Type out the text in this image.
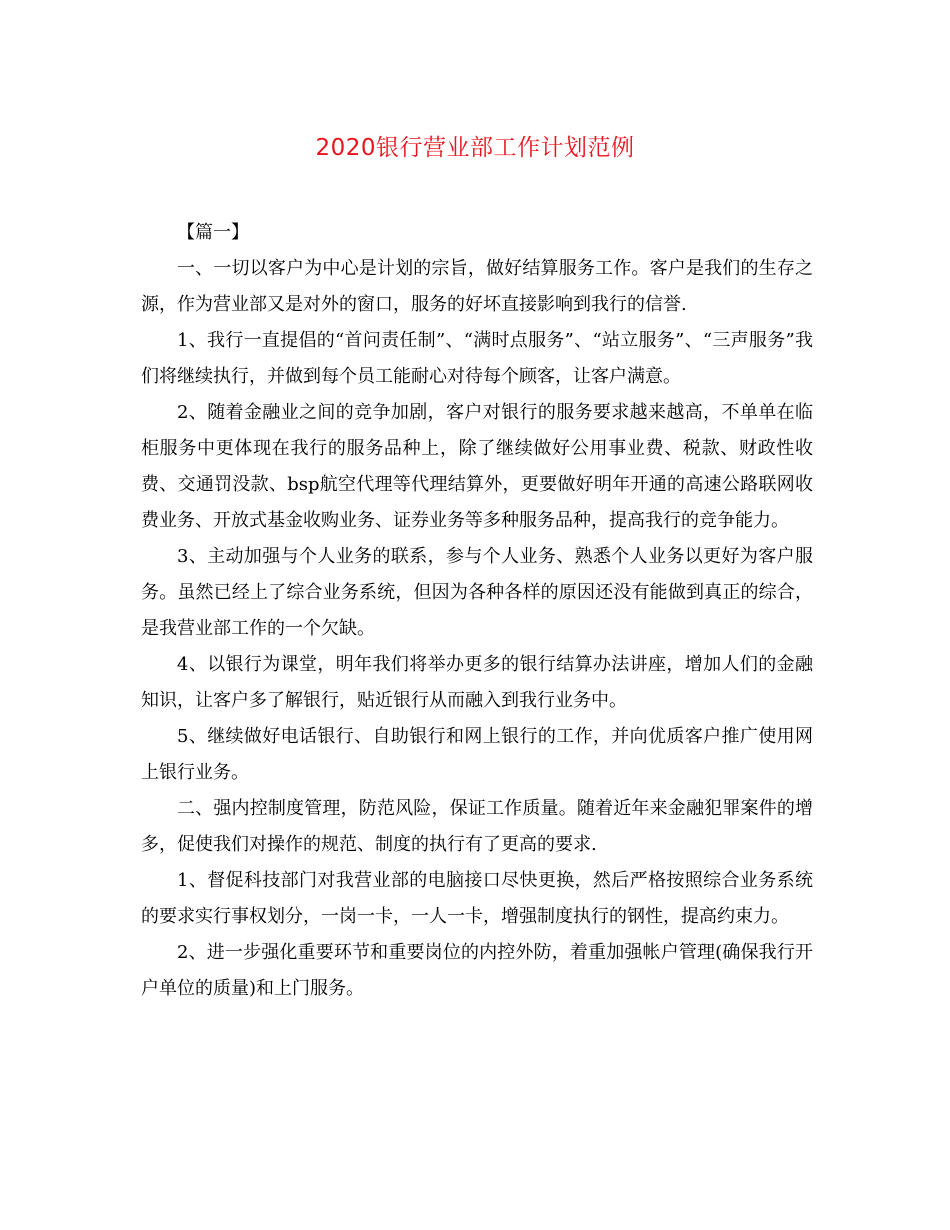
2020银行营业部工作计划范例

【篇一】

一、一切以客户为中心是计划的宗旨，做好结算服务工作。客户是我们的生存之源，作为营业部又是对外的窗口，服务的好坏直接影响到我行的信誉.

1、我行一直提倡的“首问责任制”、“满时点服务”、“站立服务”、“三声服务”我们将继续执行，并做到每个员工能耐心对待每个顾客，让客户满意。

2、随着金融业之间的竞争加剧，客户对银行的服务要求越来越高，不单单在临柜服务中更体现在我行的服务品种上，除了继续做好公用事业费、税款、财政性收费、交通罚没款、bsp航空代理等代理结算外，更要做好明年开通的高速公路联网收费业务、开放式基金收购业务、证券业务等多种服务品种，提高我行的竞争能力。

3、主动加强与个人业务的联系，参与个人业务、熟悉个人业务以更好为客户服务。虽然已经上了综合业务系统，但因为各种各样的原因还没有能做到真正的综合，是我营业部工作的一个欠缺。

4、以银行为课堂，明年我们将举办更多的银行结算办法讲座，增加人们的金融知识，让客户多了解银行，贴近银行从而融入到我行业务中。

5、继续做好电话银行、自助银行和网上银行的工作，并向优质客户推广使用网上银行业务。

二、强内控制度管理，防范风险，保证工作质量。随着近年来金融犯罪案件的增多，促使我们对操作的规范、制度的执行有了更高的要求.

1、督促科技部门对我营业部的电脑接口尽快更换，然后严格按照综合业务系统的要求实行事权划分，一岗一卡，一人一卡，增强制度执行的钢性，提高约束力。

2、进一步强化重要环节和重要岗位的内控外防，着重加强帐户管理(确保我行开户单位的质量)和上门服务。
